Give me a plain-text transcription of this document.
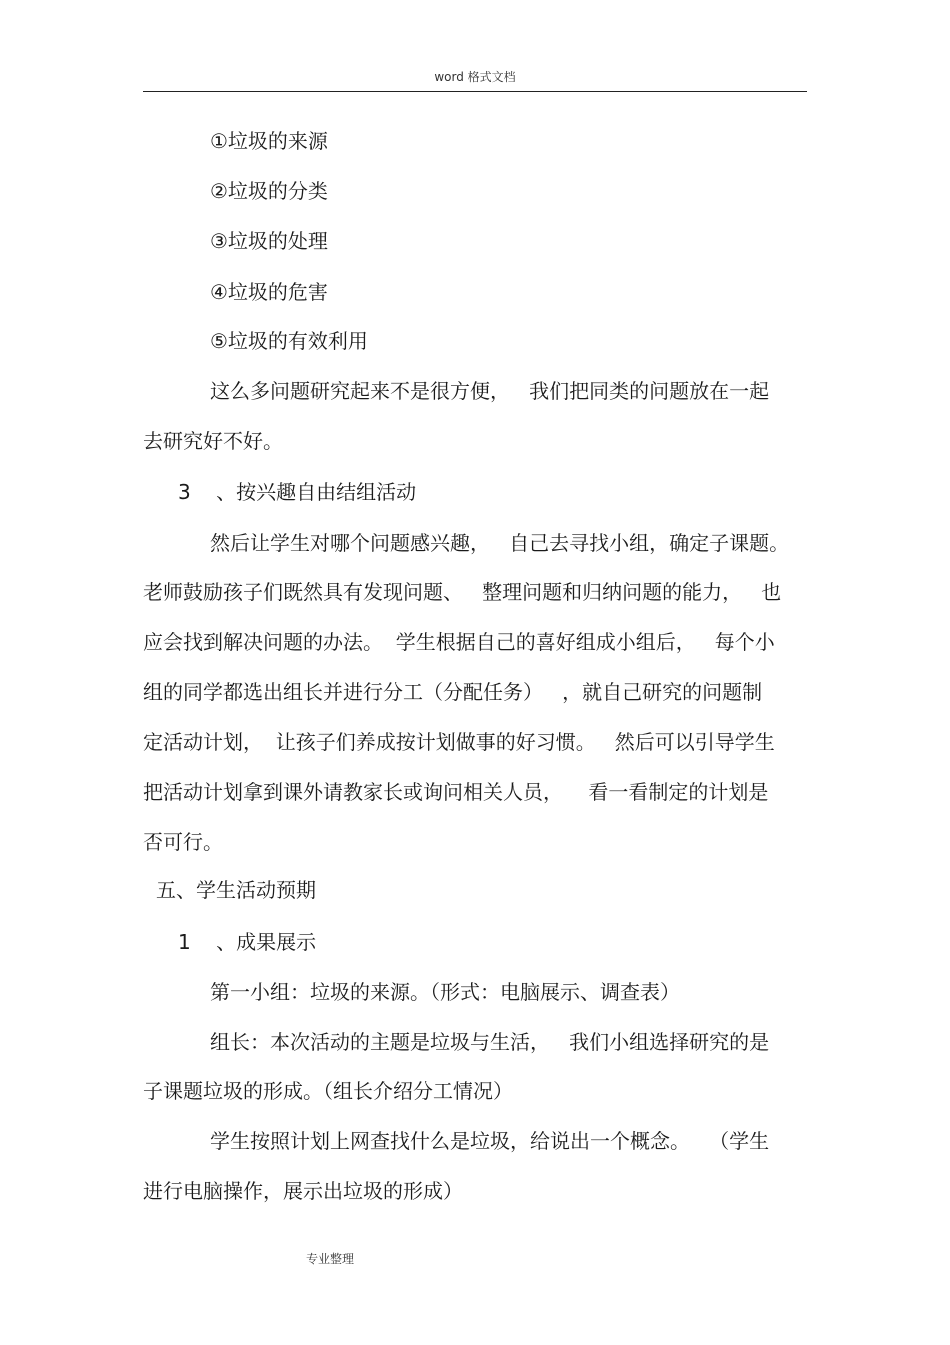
word 格式文档
①垃圾的来源
②垃圾的分类
③垃圾的处理
④垃圾的危害
⑤垃圾的有效利用
这么多问题研究起来不是很方便，   我们把同类的问题放在一起
去研究好不好。
3    、按兴趣自由结组活动
然后让学生对哪个问题感兴趣，   自己去寻找小组，确定子课题。
老师鼓励孩子们既然具有发现问题、   整理问题和归纳问题的能力，   也
应会找到解决问题的办法。  学生根据自己的喜好组成小组后，   每个小
组的同学都选出组长并进行分工（分配任务）   ，就自己研究的问题制
定活动计划，  让孩子们养成按计划做事的好习惯。   然后可以引导学生
把活动计划拿到课外请教家长或询问相关人员，    看一看制定的计划是
否可行。
五、学生活动预期
1    、成果展示
第一小组：垃圾的来源。（形式：电脑展示、调查表）
组长：本次活动的主题是垃圾与生活，   我们小组选择研究的是
子课题垃圾的形成。（组长介绍分工情况）
学生按照计划上网查找什么是垃圾，给说出一个概念。   （学生
进行电脑操作，展示出垃圾的形成）
专业整理
